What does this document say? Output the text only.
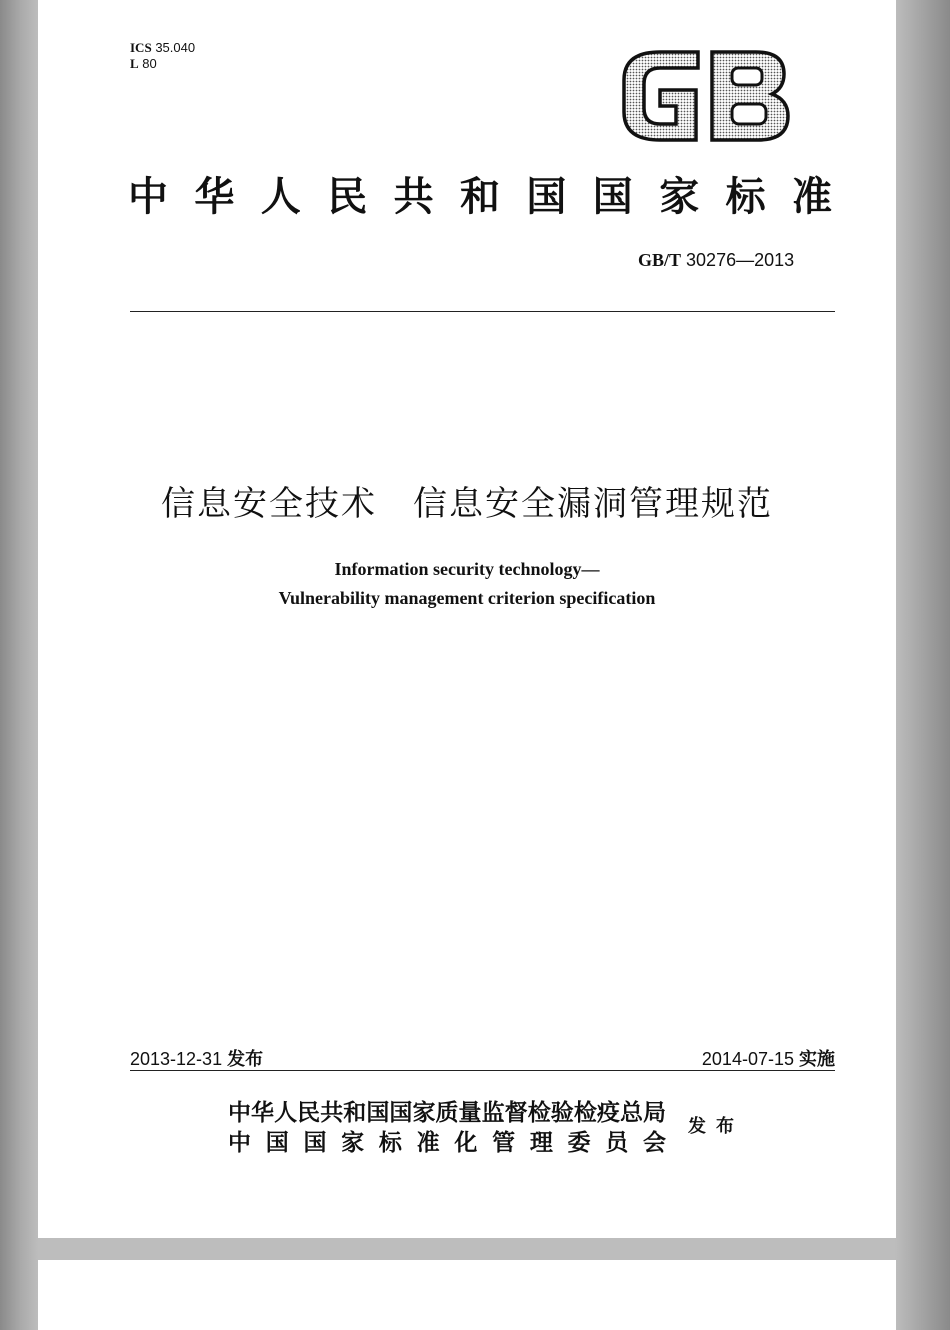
ICS 35.040
L 80
中华人民共和国国家标准
GB/T 30276—2013
信息安全技术　信息安全漏洞管理规范
Information security technology—
Vulnerability management criterion specification
2013-12-31 发布	2014-07-15 实施
中华人民共和国国家质量监督检验检疫总局
中国国家标准化管理委员会
发布
